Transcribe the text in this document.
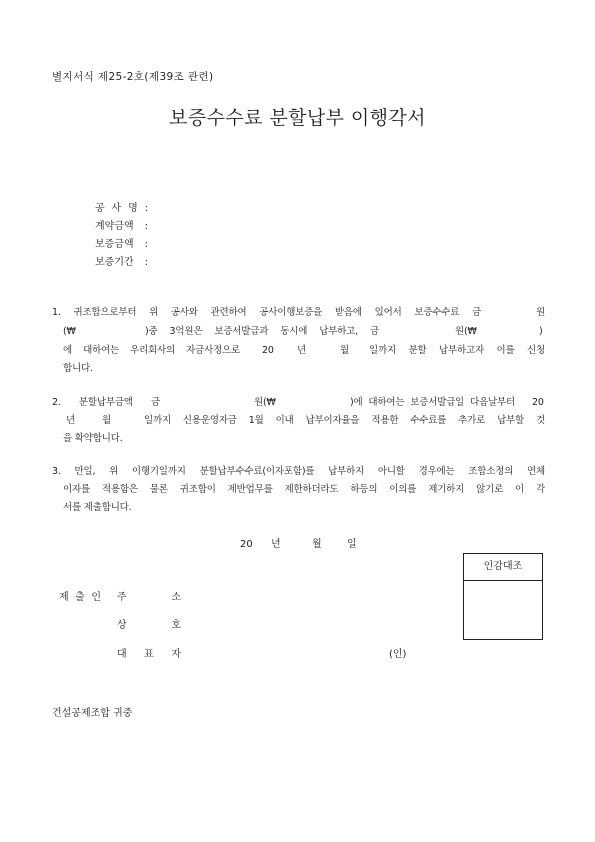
별지서식 제25-2호(제39조 관련)
보증수수료 분할납부 이행각서
공 사 명 :
계약금액 :
보증금액 :
보증기간 :
1. 귀조합으로부터 위 공사와 관련하여 공사이행보증을 받음에 있어서 보증수수료 금	원
(₩	)중 3억원은 보증서발급과 동시에 납부하고, 금	원(₩	)
에 대하여는 우리회사의 자금사정으로 20 년	월 일까지 분할 납부하고자 이를 신청
합니다.
2. 분할납부금액 금	원(₩	)에 대하여는 보증서발급일 다음날부터 20
년	월	일까지 신용운영자금 1월 이내 납부이자율을 적용한 수수료를 추가로 납부할 것
을 확약합니다.
3. 만일, 위 이행기일까지 분할납부수수료(이자포함)를 납부하지 아니할 경우에는 조합소정의 연체
이자를 적용함은 물론 귀조합이 제반업무를 제한하더라도 하등의 이의를 제기하지 않기로 이 각
서를 제출합니다.
20 년	월	일
인감대조
제 출 인 주 소
상 호
대 표 자	(인)
건설공제조합 귀중
